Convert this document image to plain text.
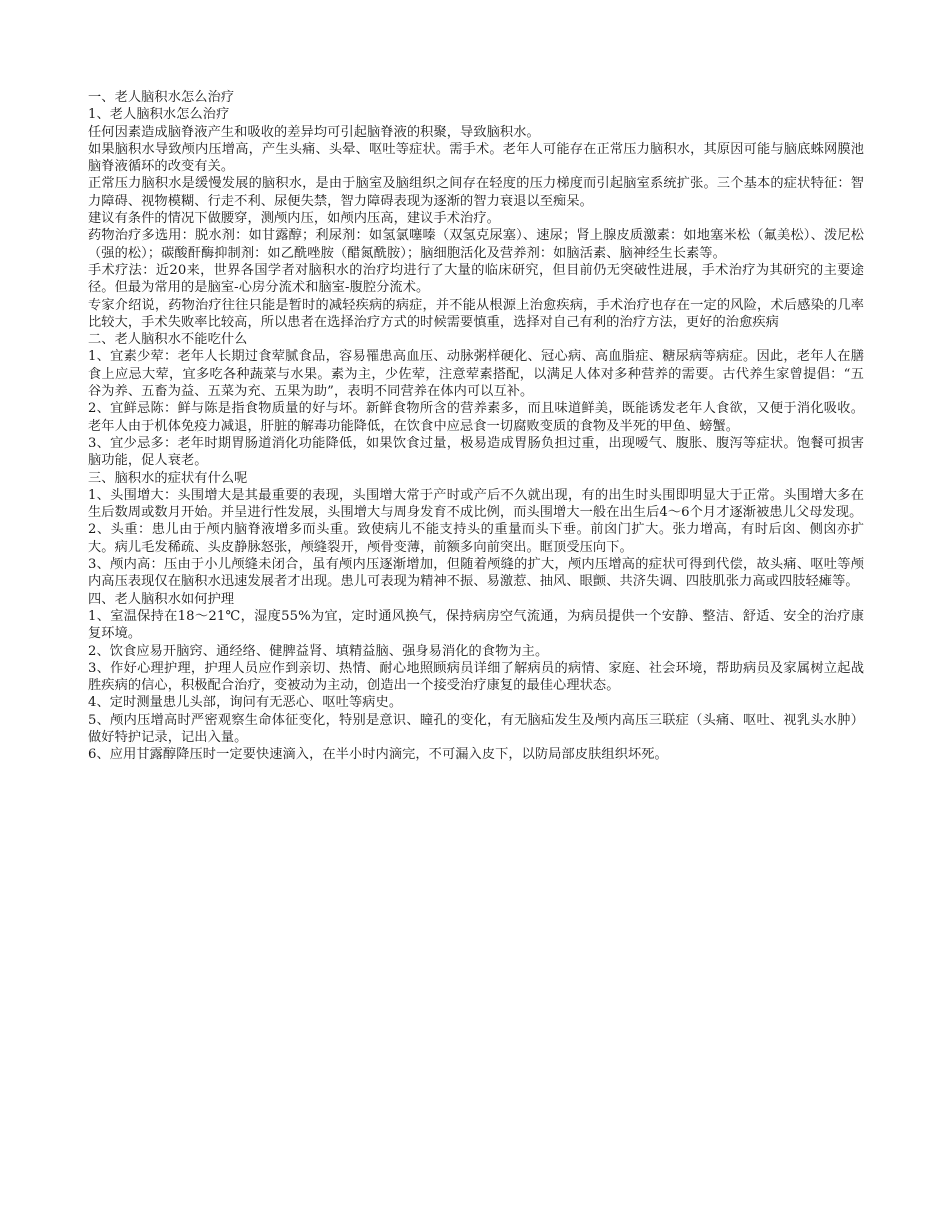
一、老人脑积水怎么治疗

1、老人脑积水怎么治疗

任何因素造成脑脊液产生和吸收的差异均可引起脑脊液的积聚，导致脑积水。

如果脑积水导致颅内压增高，产生头痛、头晕、呕吐等症状。需手术。老年人可能存在正常压力脑积水，其原因可能与脑底蛛网膜池脑脊液循环的改变有关。

正常压力脑积水是缓慢发展的脑积水，是由于脑室及脑组织之间存在轻度的压力梯度而引起脑室系统扩张。三个基本的症状特征：智力障碍、视物模糊、行走不利、尿便失禁，智力障碍表现为逐渐的智力衰退以至痴呆。

建议有条件的情况下做腰穿，测颅内压，如颅内压高，建议手术治疗。

药物治疗多选用：脱水剂：如甘露醇；利尿剂：如氢氯噻嗪（双氢克尿塞）、速尿；肾上腺皮质激素：如地塞米松（氟美松）、泼尼松（强的松）；碳酸酐酶抑制剂：如乙酰唑胺（醋氮酰胺）；脑细胞活化及营养剂：如脑活素、脑神经生长素等。

手术疗法：近20来，世界各国学者对脑积水的治疗均进行了大量的临床研究，但目前仍无突破性进展，手术治疗为其研究的主要途径。但最为常用的是脑室-心房分流术和脑室-腹腔分流术。

专家介绍说，药物治疗往往只能是暂时的减轻疾病的病症，并不能从根源上治愈疾病，手术治疗也存在一定的风险，术后感染的几率比较大，手术失败率比较高，所以患者在选择治疗方式的时候需要慎重，选择对自己有利的治疗方法，更好的治愈疾病

二、老人脑积水不能吃什么

1、宜素少荤：老年人长期过食荤腻食品，容易罹患高血压、动脉粥样硬化、冠心病、高血脂症、糖尿病等病症。因此，老年人在膳食上应忌大荤，宜多吃各种蔬菜与水果。素为主，少佐荤，注意荤素搭配，以满足人体对多种营养的需要。古代养生家曾提倡：“五谷为养、五畜为益、五菜为充、五果为助”，表明不同营养在体内可以互补。

2、宜鲜忌陈：鲜与陈是指食物质量的好与坏。新鲜食物所含的营养素多，而且味道鲜美，既能诱发老年人食欲，又便于消化吸收。老年人由于机体免疫力减退，肝脏的解毒功能降低，在饮食中应忌食一切腐败变质的食物及半死的甲鱼、螃蟹。

3、宜少忌多：老年时期胃肠道消化功能降低，如果饮食过量，极易造成胃肠负担过重，出现嗳气、腹胀、腹泻等症状。饱餐可损害脑功能，促人衰老。

三、脑积水的症状有什么呢

1、头围增大：头围增大是其最重要的表现，头围增大常于产时或产后不久就出现，有的出生时头围即明显大于正常。头围增大多在生后数周或数月开始。并呈进行性发展，头围增大与周身发育不成比例，而头围增大一般在出生后4～6个月才逐渐被患儿父母发现。

2、头重：患儿由于颅内脑脊液增多而头重。致使病儿不能支持头的重量而头下垂。前囟门扩大。张力增高，有时后囟、侧囟亦扩大。病儿毛发稀疏、头皮静脉怒张，颅缝裂开，颅骨变薄，前额多向前突出。眶顶受压向下。

3、颅内高：压由于小儿颅缝未闭合，虽有颅内压逐渐增加，但随着颅缝的扩大，颅内压增高的症状可得到代偿，故头痛、呕吐等颅内高压表现仅在脑积水迅速发展者才出现。患儿可表现为精神不振、易激惹、抽风、眼颤、共济失调、四肢肌张力高或四肢轻瘫等。

四、老人脑积水如何护理

1、室温保持在18～21℃，湿度55%为宜，定时通风换气，保持病房空气流通，为病员提供一个安静、整洁、舒适、安全的治疗康复环境。

2、饮食应易开脑窍、通经络、健脾益肾、填精益脑、强身易消化的食物为主。

3、作好心理护理，护理人员应作到亲切、热情、耐心地照顾病员详细了解病员的病情、家庭、社会环境，帮助病员及家属树立起战胜疾病的信心，积极配合治疗，变被动为主动，创造出一个接受治疗康复的最佳心理状态。

4、定时测量患儿头部，询问有无恶心、呕吐等病史。

5、颅内压增高时严密观察生命体征变化，特别是意识、瞳孔的变化，有无脑疝发生及颅内高压三联症（头痛、呕吐、视乳头水肿）做好特护记录，记出入量。

6、应用甘露醇降压时一定要快速滴入，在半小时内滴完，不可漏入皮下，以防局部皮肤组织坏死。
